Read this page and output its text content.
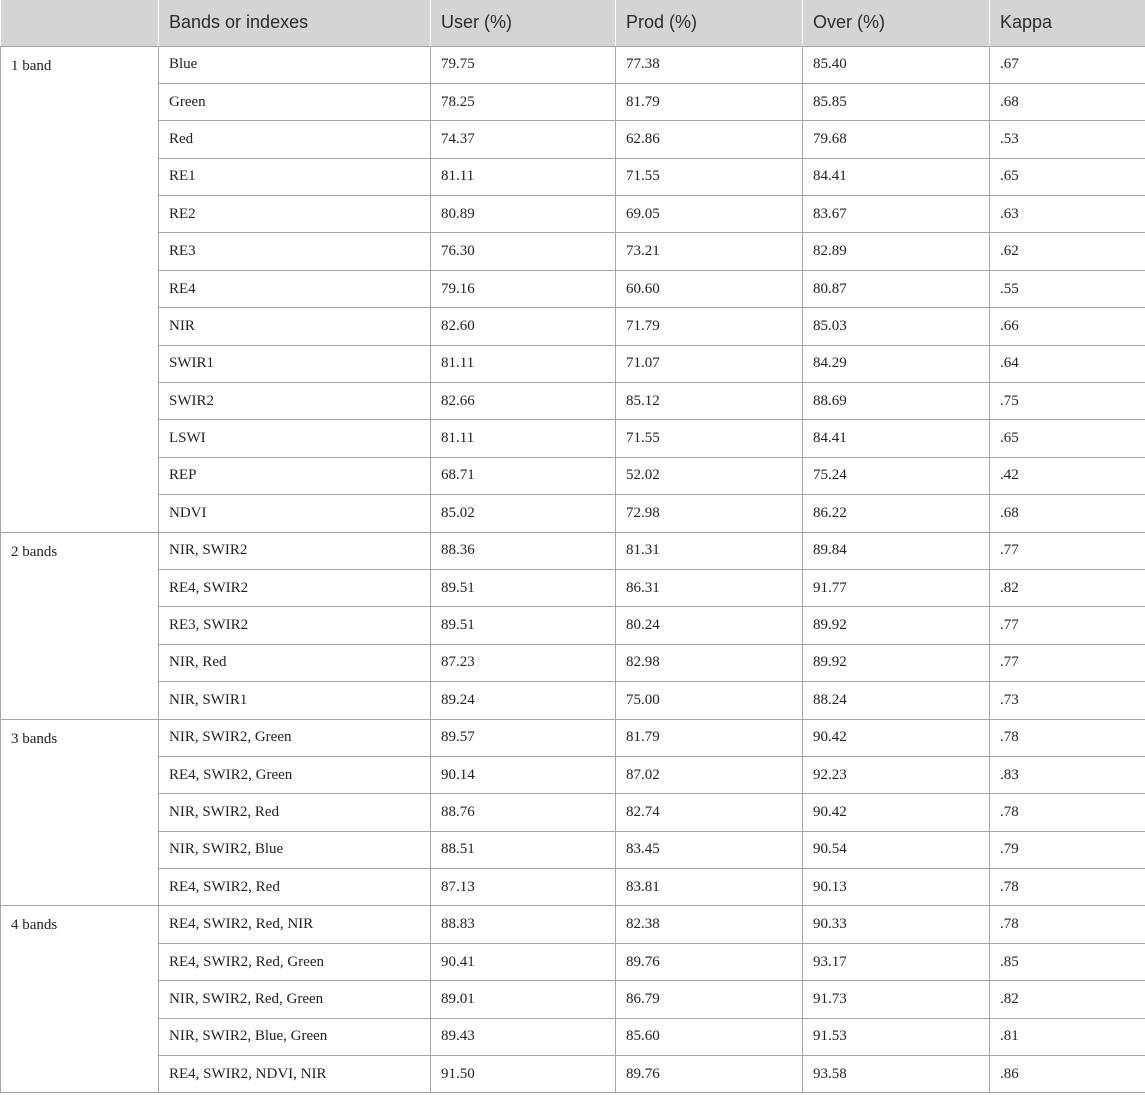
	Bands or indexes	User (%)	Prod (%)	Over (%)	Kappa
1 band	Blue	79.75	77.38	85.40	.67
	Green	78.25	81.79	85.85	.68
	Red	74.37	62.86	79.68	.53
	RE1	81.11	71.55	84.41	.65
	RE2	80.89	69.05	83.67	.63
	RE3	76.30	73.21	82.89	.62
	RE4	79.16	60.60	80.87	.55
	NIR	82.60	71.79	85.03	.66
	SWIR1	81.11	71.07	84.29	.64
	SWIR2	82.66	85.12	88.69	.75
	LSWI	81.11	71.55	84.41	.65
	REP	68.71	52.02	75.24	.42
	NDVI	85.02	72.98	86.22	.68
2 bands	NIR, SWIR2	88.36	81.31	89.84	.77
	RE4, SWIR2	89.51	86.31	91.77	.82
	RE3, SWIR2	89.51	80.24	89.92	.77
	NIR, Red	87.23	82.98	89.92	.77
	NIR, SWIR1	89.24	75.00	88.24	.73
3 bands	NIR, SWIR2, Green	89.57	81.79	90.42	.78
	RE4, SWIR2, Green	90.14	87.02	92.23	.83
	NIR, SWIR2, Red	88.76	82.74	90.42	.78
	NIR, SWIR2, Blue	88.51	83.45	90.54	.79
	RE4, SWIR2, Red	87.13	83.81	90.13	.78
4 bands	RE4, SWIR2, Red, NIR	88.83	82.38	90.33	.78
	RE4, SWIR2, Red, Green	90.41	89.76	93.17	.85
	NIR, SWIR2, Red, Green	89.01	86.79	91.73	.82
	NIR, SWIR2, Blue, Green	89.43	85.60	91.53	.81
	RE4, SWIR2, NDVI, NIR	91.50	89.76	93.58	.86
